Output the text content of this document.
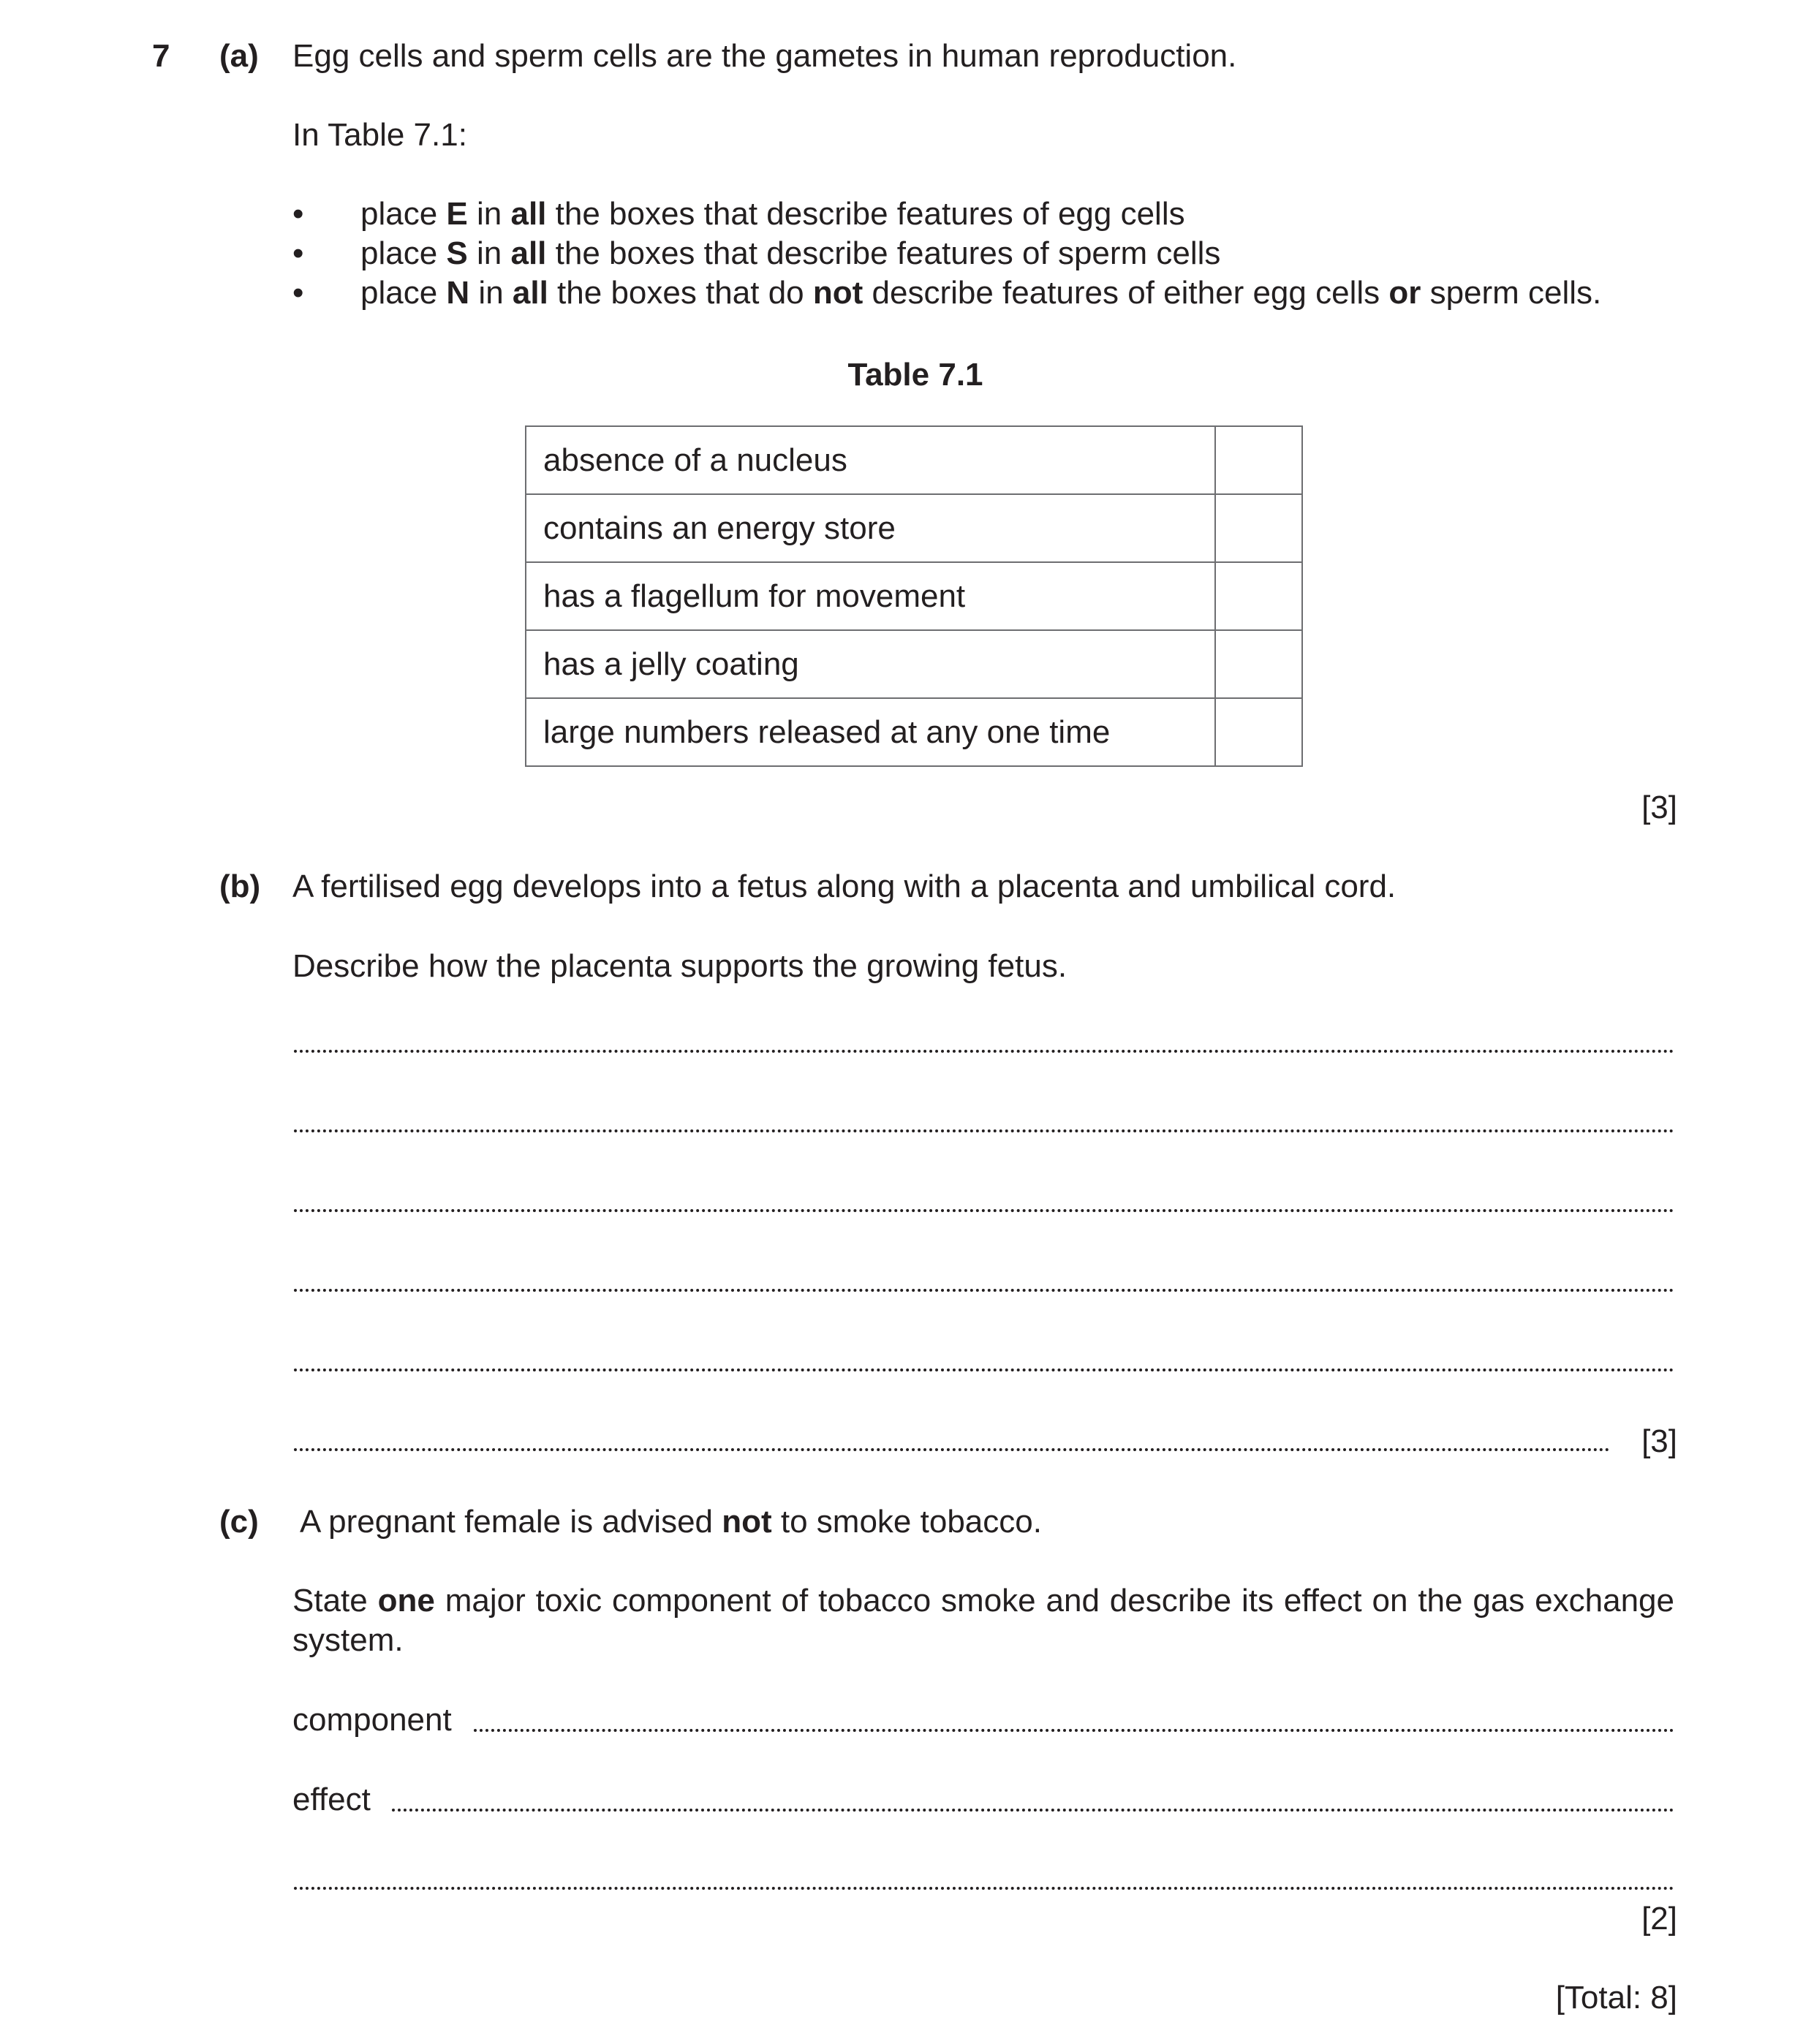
7 (a) Egg cells and sperm cells are the gametes in human reproduction.
In Table 7.1:
• place E in all the boxes that describe features of egg cells
• place S in all the boxes that describe features of sperm cells
• place N in all the boxes that do not describe features of either egg cells or sperm cells.
Table 7.1
absence of a nucleus	
contains an energy store	
has a flagellum for movement	
has a jelly coating	
large numbers released at any one time	
[3]
(b) A fertilised egg develops into a fetus along with a placenta and umbilical cord.
Describe how the placenta supports the growing fetus.
[3]
(c) A pregnant female is advised not to smoke tobacco.
State one major toxic component of tobacco smoke and describe its effect on the gas exchange system.
component
effect
[2]
[Total: 8]
